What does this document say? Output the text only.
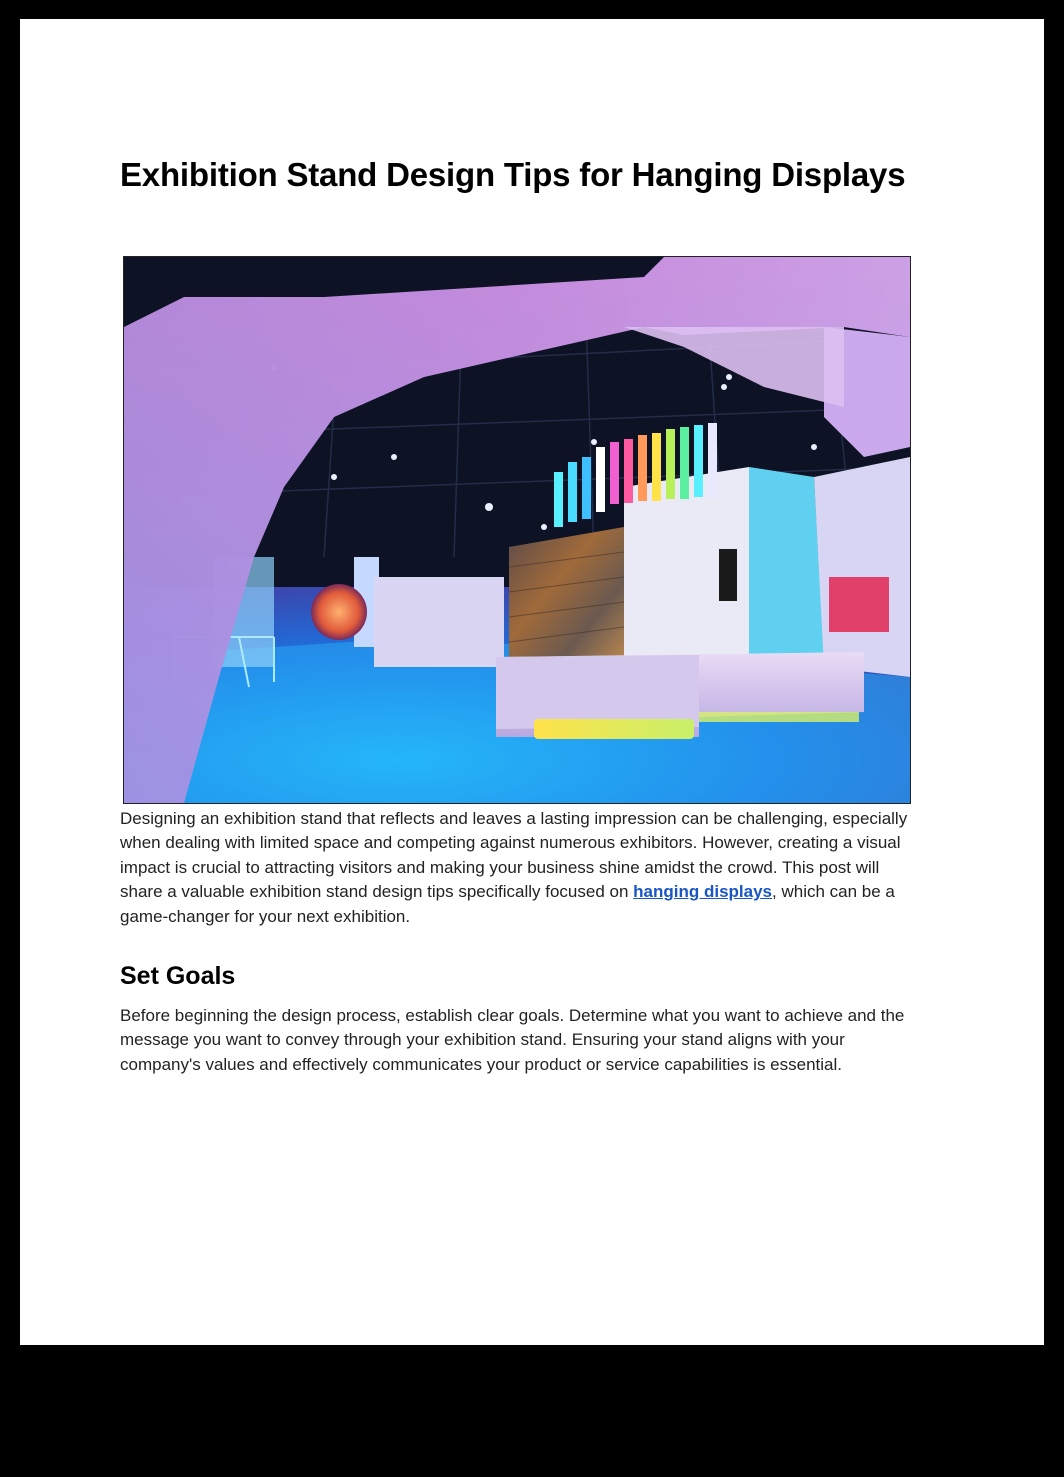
Exhibition Stand Design Tips for Hanging Displays

Designing an exhibition stand that reflects and leaves a lasting impression can be challenging, especially when dealing with limited space and competing against numerous exhibitors. However, creating a visual impact is crucial to attracting visitors and making your business shine amidst the crowd. This post will share a valuable exhibition stand design tips specifically focused on hanging displays, which can be a game-changer for your next exhibition.

Set Goals

Before beginning the design process, establish clear goals. Determine what you want to achieve and the message you want to convey through your exhibition stand. Ensuring your stand aligns with your company's values and effectively communicates your product or service capabilities is essential.
